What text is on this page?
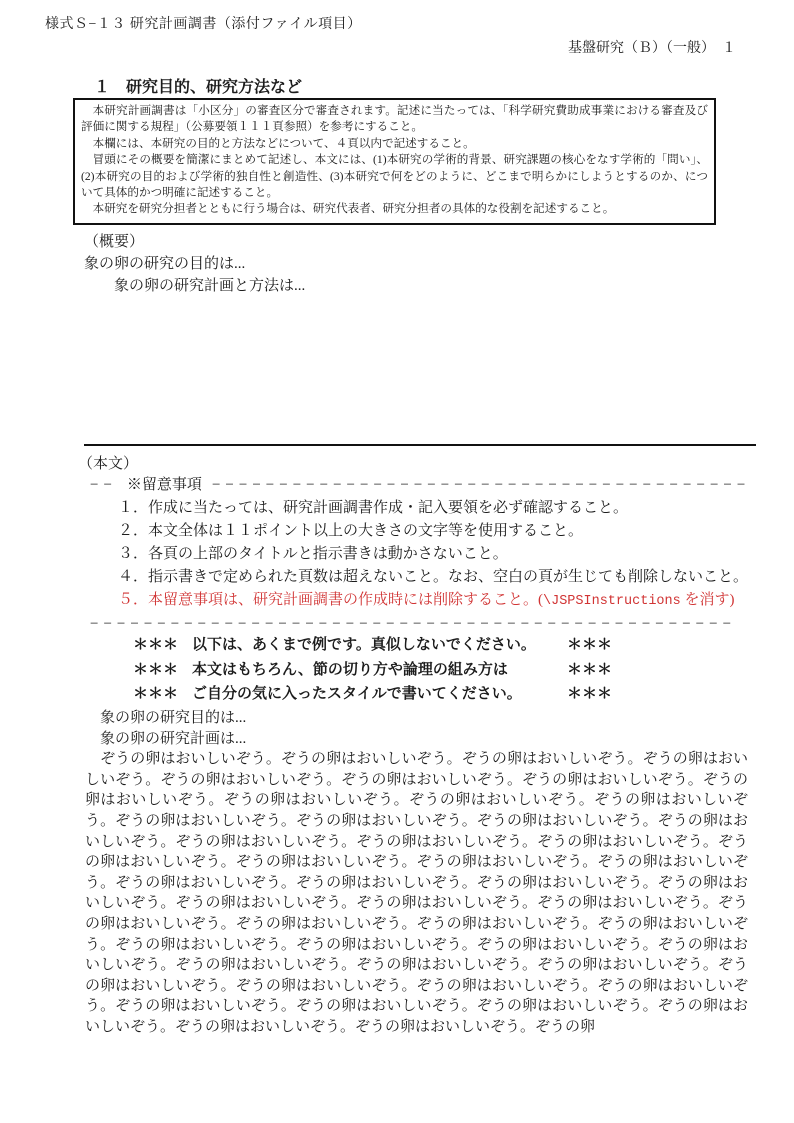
様式Ｓ−１３ 研究計画調書（添付ファイル項目）
基盤研究（Ｂ）（一般）　１
１　研究目的、研究方法など

本研究計画調書は「小区分」の審査区分で審査されます。記述に当たっては、「科学研究費助成事業における審査及び評価に関する規程」（公募要領１１１頁参照）を参考にすること。

本欄には、本研究の目的と方法などについて、４頁以内で記述すること。

冒頭にその概要を簡潔にまとめて記述し、本文には、(1)本研究の学術的背景、研究課題の核心をなす学術的「問い」、(2)本研究の目的および学術的独自性と創造性、(3)本研究で何をどのように、どこまで明らかにしようとするのか、について具体的かつ明確に記述すること。

本研究を研究分担者とともに行う場合は、研究代表者、研究分担者の具体的な役割を記述すること。

（概要）
象の卵の研究の目的は...
　　象の卵の研究計画と方法は...
（本文）
−− ※留意事項 −−−−−−−−−−−−−−−−−−−−−−−−−−−−−−−−−−−−−−−−
１．作成に当たっては、研究計画調書作成・記入要領を必ず確認すること。
２．本文全体は１１ポイント以上の大きさの文字等を使用すること。
３．各頁の上部のタイトルと指示書きは動かさないこと。
４．指示書きで定められた頁数は超えないこと。なお、空白の頁が生じても削除しないこと。
５．本留意事項は、研究計画調書の作成時には削除すること。(\JSPSInstructions を消す)
−−−−−−−−−−−−−−−−−−−−−−−−−−−−−−−−−−−−−−−−−−−−−−−−
＊＊＊ 以下は、あくまで例です。真似しないでください。	＊＊＊
＊＊＊ 本文はもちろん、節の切り方や論理の組み方は	＊＊＊
＊＊＊ ご自分の気に入ったスタイルで書いてください。	＊＊＊
　象の卵の研究目的は...
　象の卵の研究計画は...
　ぞうの卵はおいしいぞう。ぞうの卵はおいしいぞう。ぞうの卵はおいしいぞう。ぞうの卵はおいしいぞう。ぞうの卵はおいしいぞう。ぞうの卵はおいしいぞう。ぞうの卵はおいしいぞう。ぞうの卵はおいしいぞう。ぞうの卵はおいしいぞう。ぞうの卵はおいしいぞう。ぞうの卵はおいしいぞう。ぞうの卵はおいしいぞう。ぞうの卵はおいしいぞう。ぞうの卵はおいしいぞう。ぞうの卵はおいしいぞう。ぞうの卵はおいしいぞう。ぞうの卵はおいしいぞう。ぞうの卵はおいしいぞう。ぞうの卵はおいしいぞう。ぞうの卵はおいしいぞう。ぞうの卵はおいしいぞう。ぞうの卵はおいしいぞう。ぞうの卵はおいしいぞう。ぞうの卵はおいしいぞう。ぞうの卵はおいしいぞう。ぞうの卵はおいしいぞう。ぞうの卵はおいしいぞう。ぞうの卵はおいしいぞう。ぞうの卵はおいしいぞう。ぞうの卵はおいしいぞう。ぞうの卵はおいしいぞう。ぞうの卵はおいしいぞう。ぞうの卵はおいしいぞう。ぞうの卵はおいしいぞう。ぞうの卵はおいしいぞう。ぞうの卵はおいしいぞう。ぞうの卵はおいしいぞう。ぞうの卵はおいしいぞう。ぞうの卵はおいしいぞう。ぞうの卵はおいしいぞう。ぞうの卵はおいしいぞう。ぞうの卵はおいしいぞう。ぞうの卵はおいしいぞう。ぞうの卵はおいしいぞう。ぞうの卵はおいしいぞう。ぞうの卵はおいしいぞう。ぞうの卵はおいしいぞう。ぞうの卵はおいしいぞう。ぞうの卵はおいしいぞう。ぞうの卵はおいしいぞう。ぞうの卵
